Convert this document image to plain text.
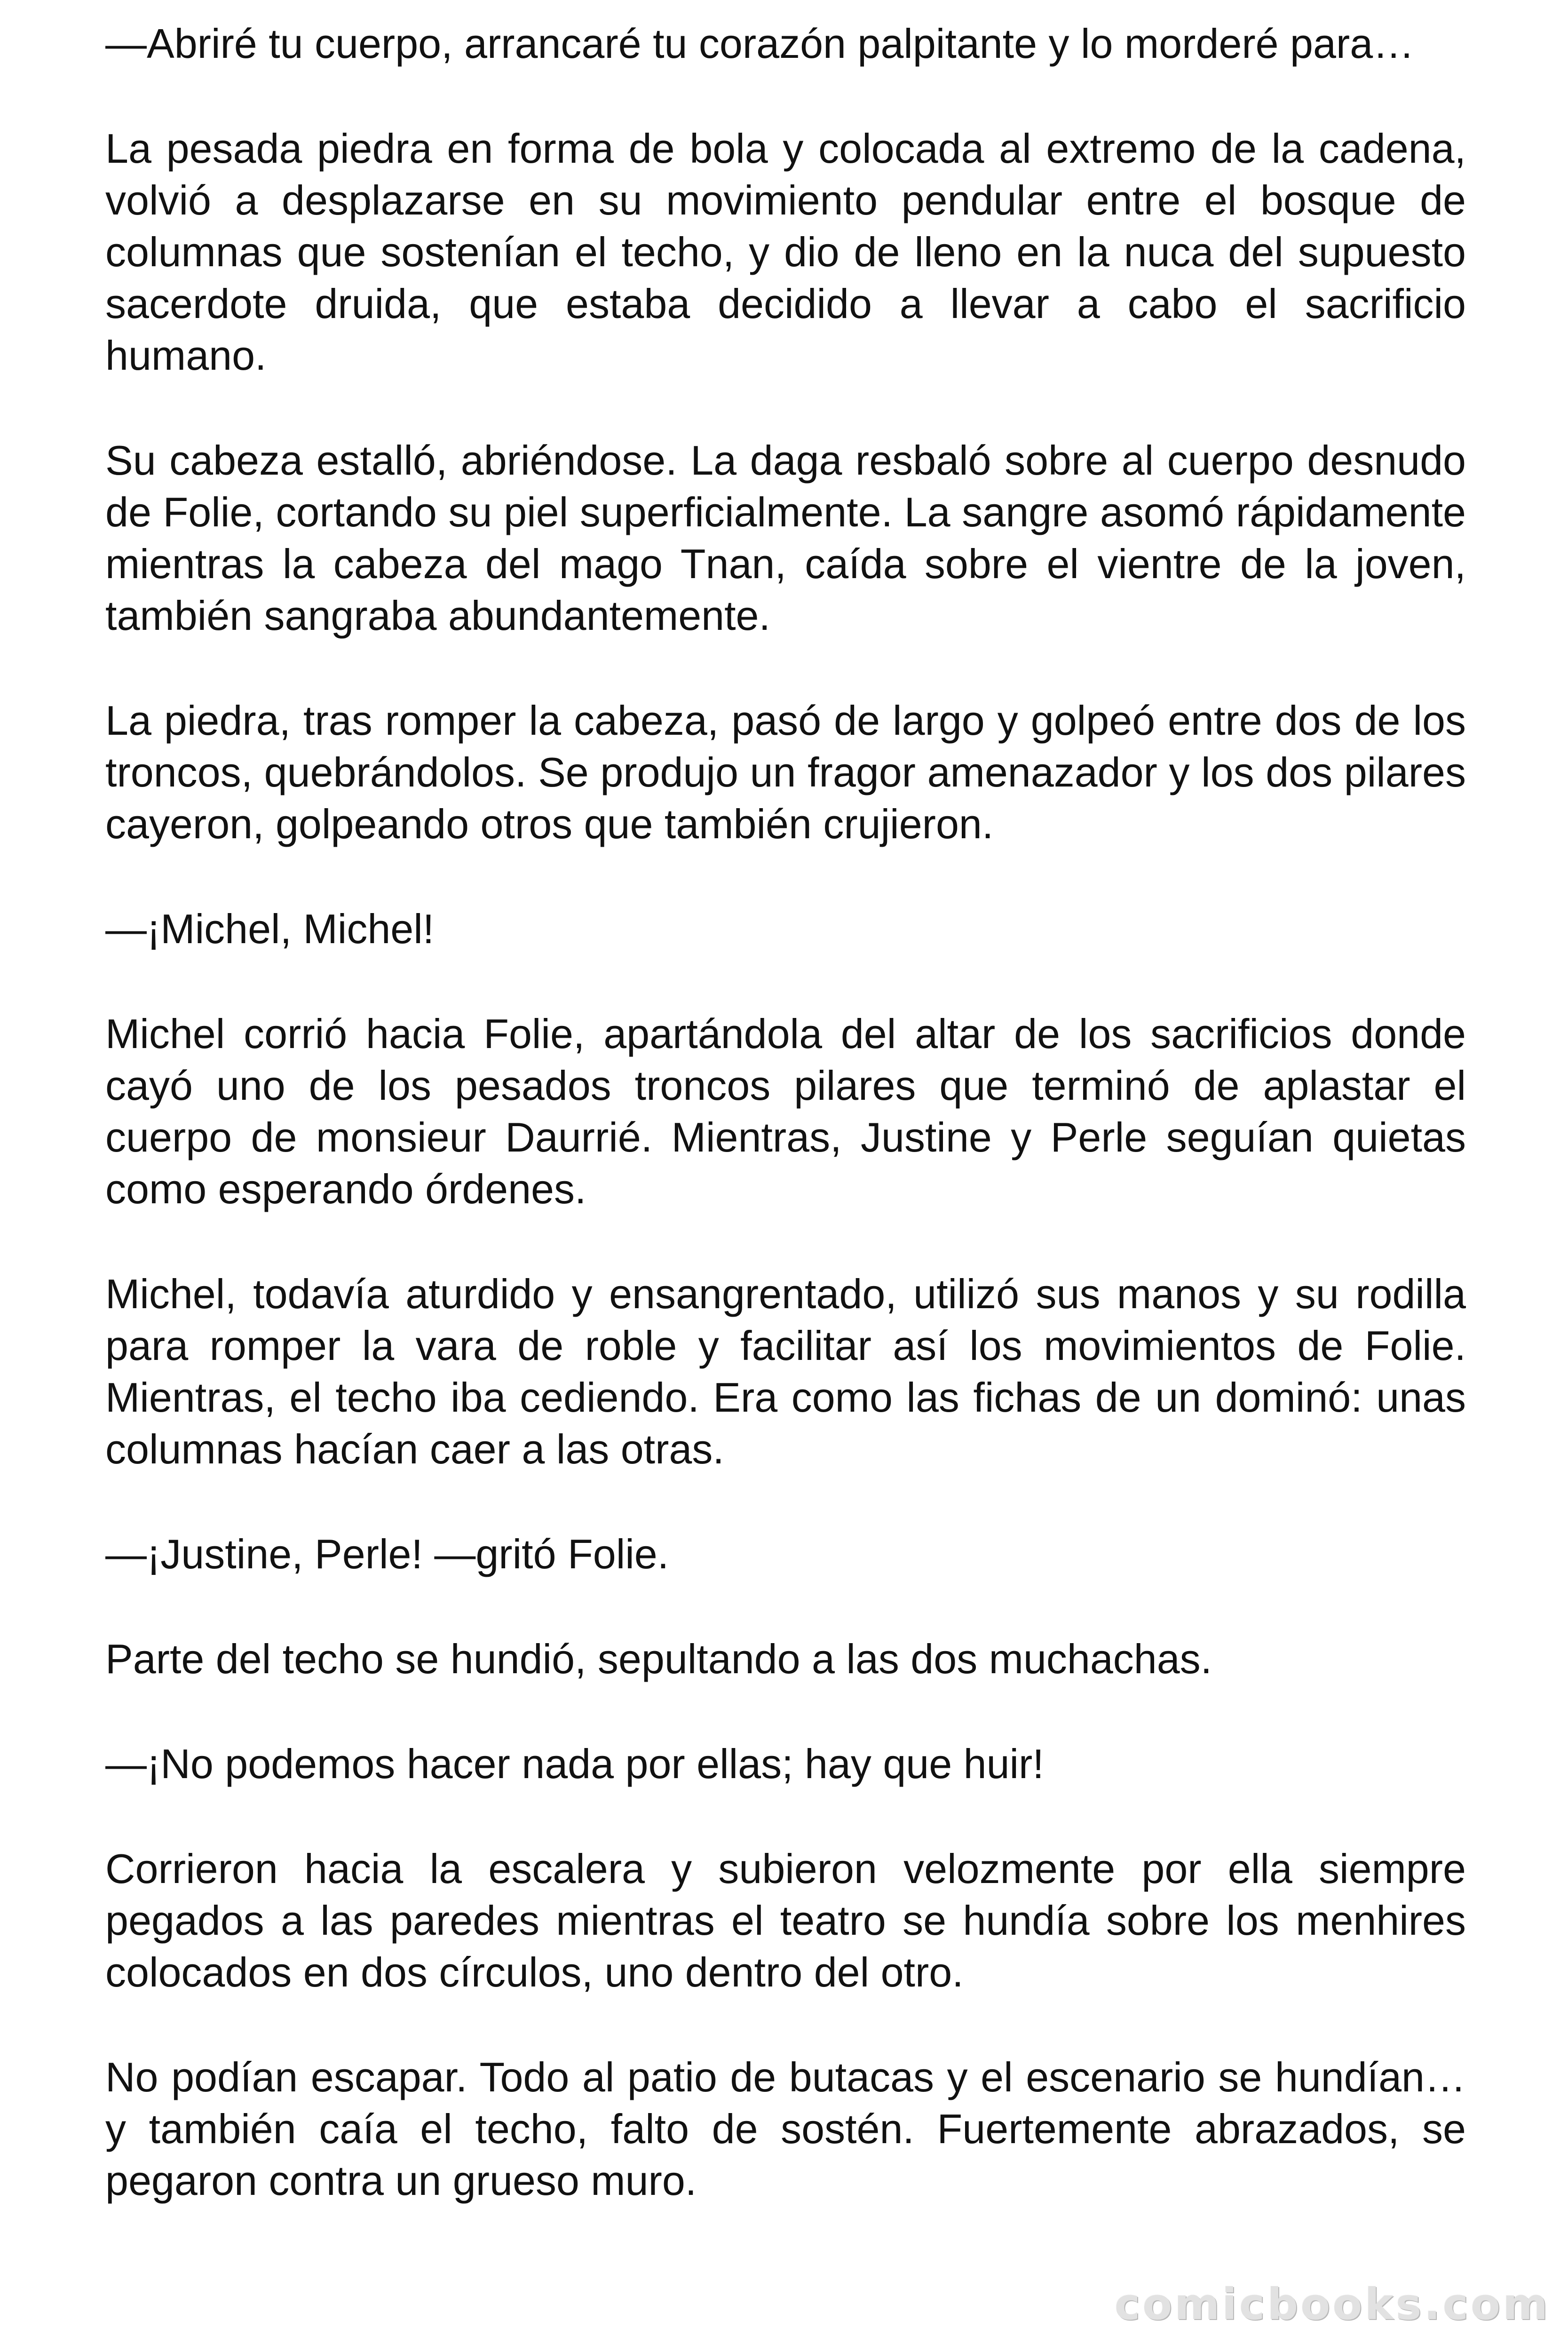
—Abriré tu cuerpo, arrancaré tu corazón palpitante y lo morderé para…

La pesada piedra en forma de bola y colocada al extremo de la cadena, volvió a desplazarse en su movimiento pendular entre el bosque de columnas que sostenían el techo, y dio de lleno en la nuca del supuesto sacerdote druida, que estaba decidido a llevar a cabo el sacrificio humano.

Su cabeza estalló, abriéndose. La daga resbaló sobre al cuerpo desnudo de Folie, cortando su piel superficialmente. La sangre asomó rápidamente mientras la cabeza del mago Tnan, caída sobre el vientre de la joven, también sangraba abundantemente.

La piedra, tras romper la cabeza, pasó de largo y golpeó entre dos de los troncos, quebrándolos. Se produjo un fragor amenazador y los dos pilares cayeron, golpeando otros que también crujieron.

—¡Michel, Michel!

Michel corrió hacia Folie, apartándola del altar de los sacrificios donde cayó uno de los pesados troncos pilares que terminó de aplastar el cuerpo de monsieur Daurrié. Mientras, Justine y Perle seguían quietas como esperando órdenes.

Michel, todavía aturdido y ensangrentado, utilizó sus manos y su rodilla para romper la vara de roble y facilitar así los movimientos de Folie. Mientras, el techo iba cediendo. Era como las fichas de un dominó: unas columnas hacían caer a las otras.

—¡Justine, Perle! —gritó Folie.

Parte del techo se hundió, sepultando a las dos muchachas.

—¡No podemos hacer nada por ellas; hay que huir!

Corrieron hacia la escalera y subieron velozmente por ella siempre pegados a las paredes mientras el teatro se hundía sobre los menhires colocados en dos círculos, uno dentro del otro.

No podían escapar. Todo al patio de butacas y el escenario se hundían… y también caía el techo, falto de sostén. Fuertemente abrazados, se pegaron contra un grueso muro.

comicbooks.com
